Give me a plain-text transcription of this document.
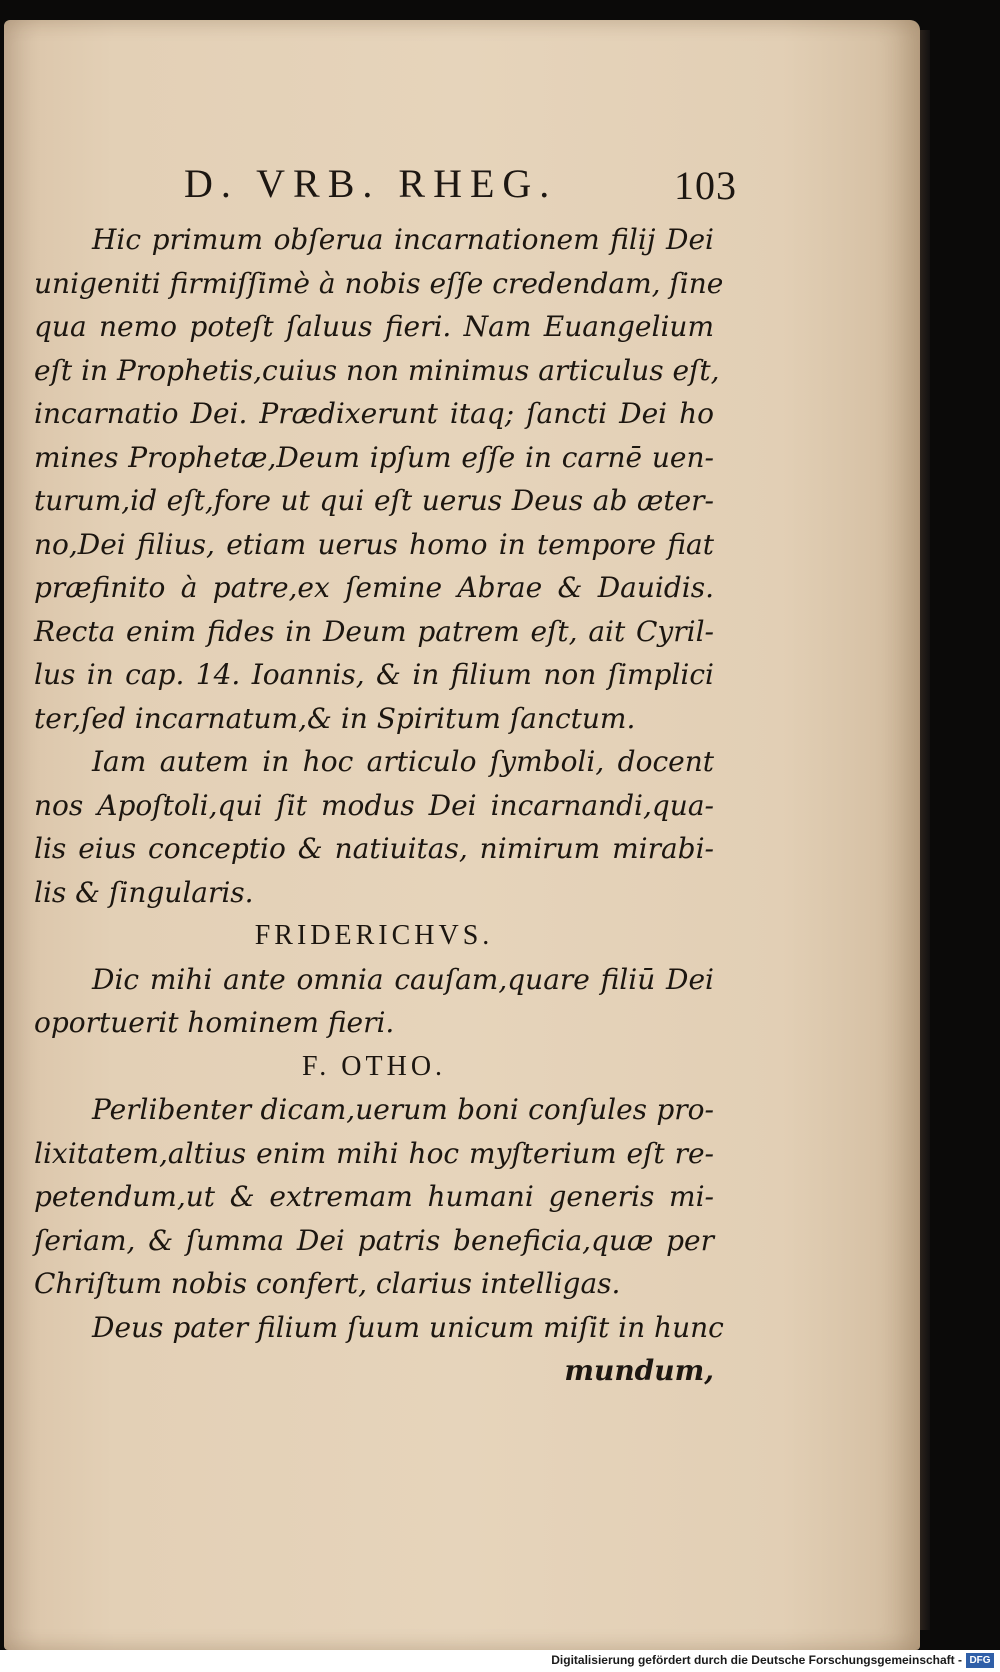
D. VRB. RHEG.	103
Hic primum obſerua incarnationem filij Dei
unigeniti firmiſſimè à nobis eſſe credendam, ſine
qua nemo poteſt ſaluus fieri. Nam Euangelium
eſt in Prophetis,cuius non minimus articulus eſt,
incarnatio Dei. Prædixerunt itaq; ſancti Dei ho
mines Prophetæ,Deum ipſum eſſe in carnē uen-
turum,id eſt,fore ut qui eſt uerus Deus ab æter-
no,Dei filius, etiam uerus homo in tempore fiat
præfinito à patre,ex ſemine Abrae & Dauidis.
Recta enim fides in Deum patrem eſt, ait Cyril-
lus in cap. 14. Ioannis, & in filium non ſimplici
ter,ſed incarnatum,& in Spiritum ſanctum.
Iam autem in hoc articulo ſymboli, docent
nos Apoſtoli,qui ſit modus Dei incarnandi,qua-
lis eius conceptio & natiuitas, nimirum mirabi-
lis & ſingularis.
FRIDERICHVS.
Dic mihi ante omnia cauſam,quare filiū Dei
oportuerit hominem fieri.
F. OTHO.
Perlibenter dicam,uerum boni conſules pro-
lixitatem,altius enim mihi hoc myſterium eſt re-
petendum,ut & extremam humani generis mi-
ſeriam, & ſumma Dei patris beneficia,quæ per
Chriſtum nobis confert, clarius intelligas.
Deus pater filium ſuum unicum miſit in hunc
mundum,
Digitalisierung gefördert durch die Deutsche Forschungsgemeinschaft - DFG
